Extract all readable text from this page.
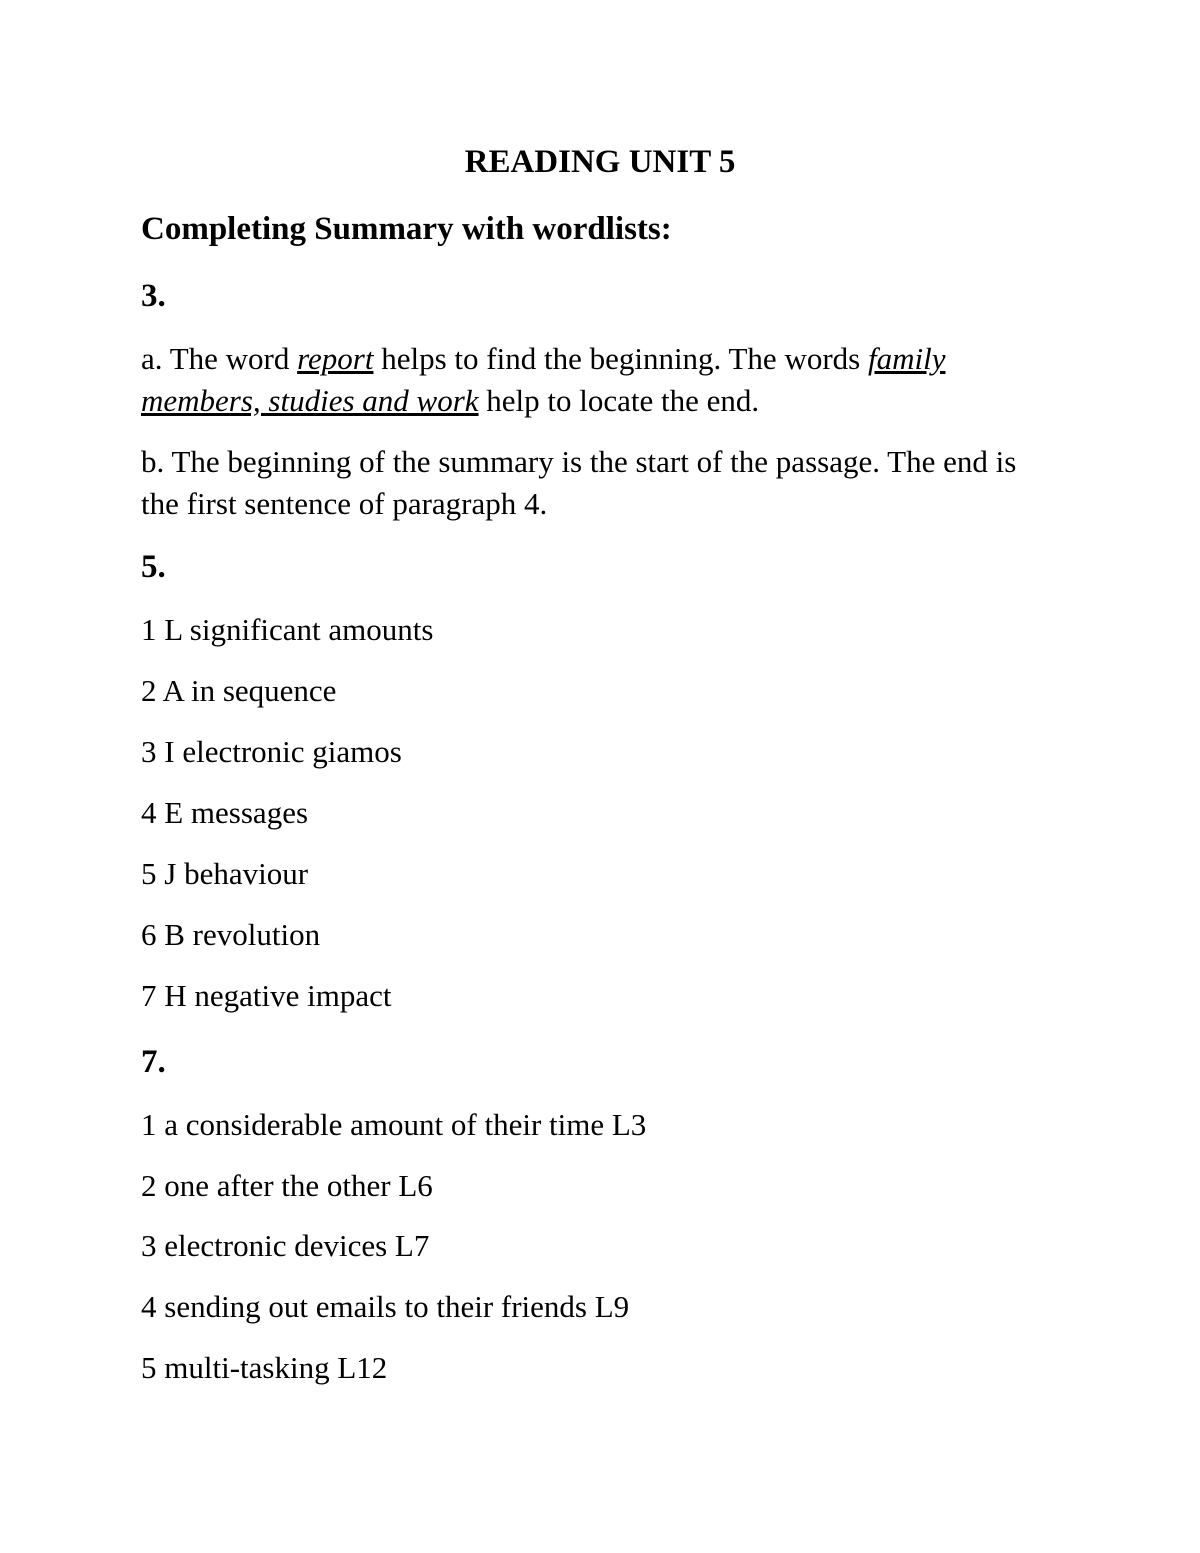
READING UNIT 5
Completing Summary with wordlists:
3.
a. The word report helps to find the beginning. The words family members, studies and work help to locate the end.
b. The beginning of the summary is the start of the passage. The end is the first sentence of paragraph 4.
5.
1 L significant amounts
2 A in sequence
3 I electronic giamos
4 E messages
5 J behaviour
6 B revolution
7 H negative impact
7.
1 a considerable amount of their time L3
2 one after the other L6
3 electronic devices L7
4 sending out emails to their friends L9
5 multi-tasking L12
